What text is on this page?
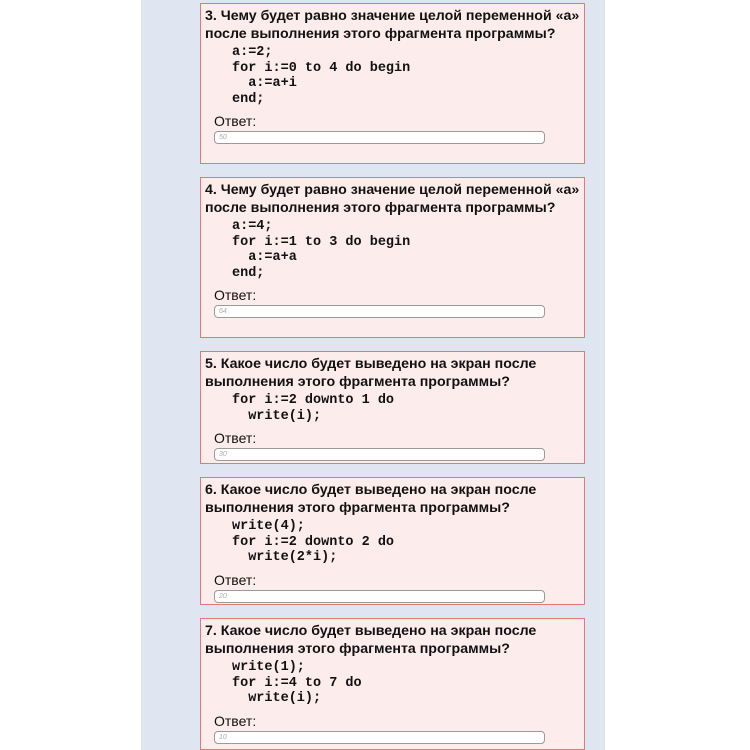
3. Чему будет равно значение целой переменной «a» после выполнения этого фрагмента программы?

a:=2;
for i:=0 to 4 do begin
a:=a+i
end;
Ответ:
50

4. Чему будет равно значение целой переменной «a» после выполнения этого фрагмента программы?

a:=4;
for i:=1 to 3 do begin
a:=a+a
end;
Ответ:
64

5. Какое число будет выведено на экран после выполнения этого фрагмента программы?

for i:=2 downto 1 do
write(i);
Ответ:
30

6. Какое число будет выведено на экран после выполнения этого фрагмента программы?

write(4);
for i:=2 downto 2 do
write(2*i);
Ответ:
20

7. Какое число будет выведено на экран после выполнения этого фрагмента программы?

write(1);
for i:=4 to 7 do
write(i);
Ответ:
10
